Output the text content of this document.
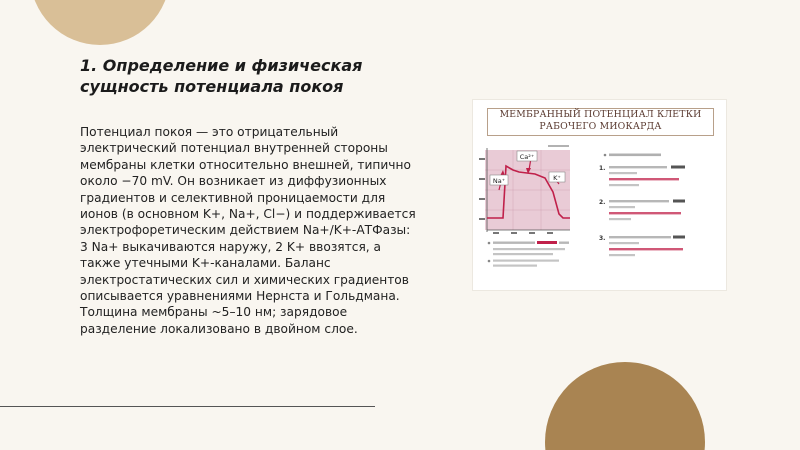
1. Определение и физическая сущность потенциала покоя
Потенциал покоя — это отрицательный электрический потенциал внутренней стороны мембраны клетки относительно внешней, типично около −70 mV. Он возникает из диффузионных градиентов и селективной проницаемости для ионов (в основном K+, Na+, Cl−) и поддерживается электрофоретическим действием Na+/K+-АТФазы: 3 Na+ выкачиваются наружу, 2 K+ ввозятся, а также утечными K+-каналами. Баланс электростатических сил и химических градиентов описывается уравнениями Нернста и Гольдмана. Толщина мембраны ~5–10 нм; зарядовое разделение локализовано в двойном слое.
МЕМБРАННЫЙ ПОТЕНЦИАЛ КЛЕТКИ
РАБОЧЕГО МИОКАРДА
Ca²⁺
Na⁺	K⁺
1.
2.
3.
